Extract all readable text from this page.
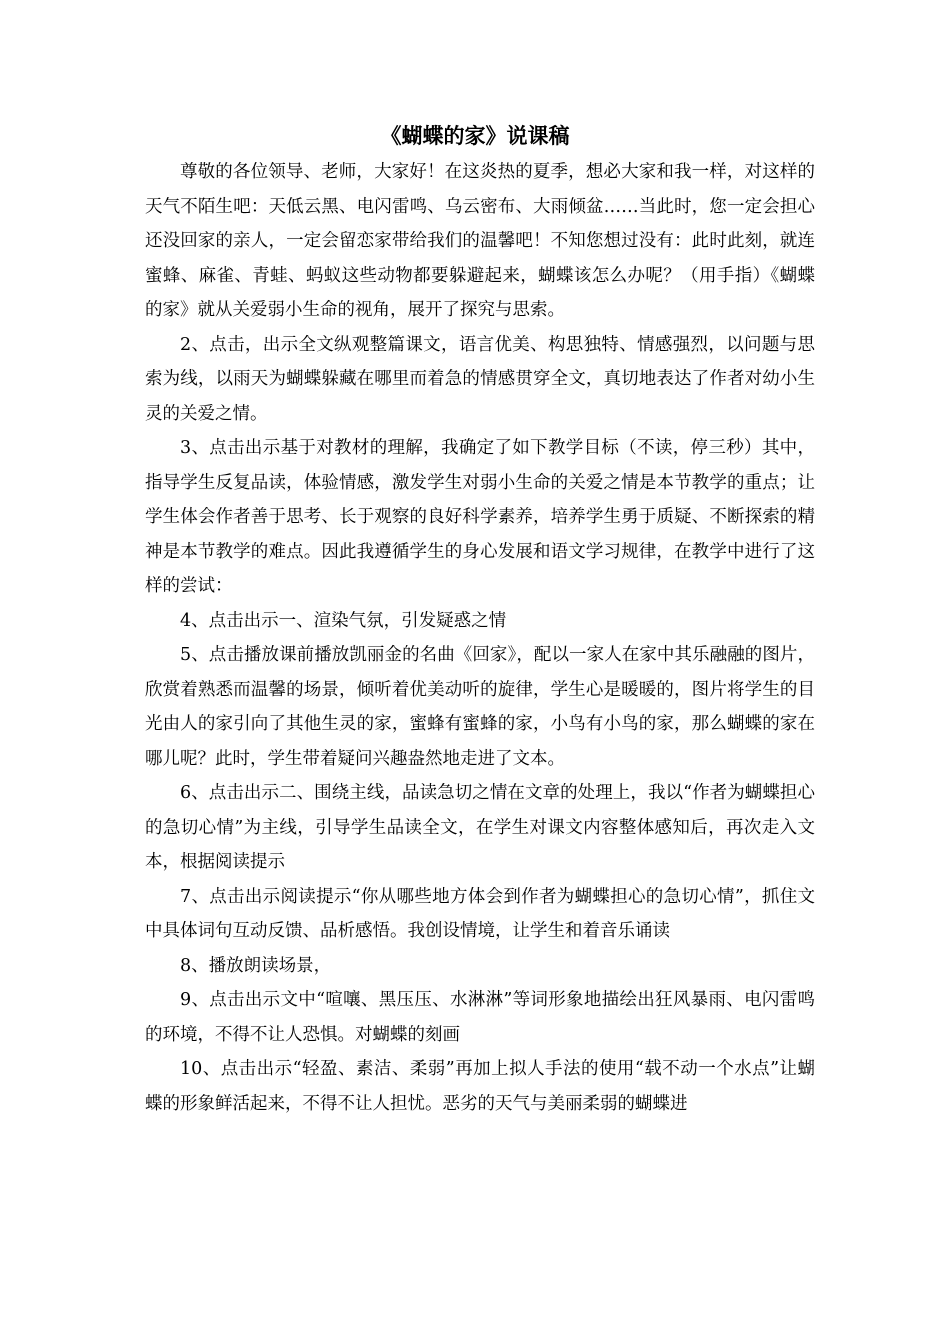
《蝴蝶的家》说课稿

尊敬的各位领导、老师，大家好！在这炎热的夏季，想必大家和我一样，对这样的天气不陌生吧：天低云黑、电闪雷鸣、乌云密布、大雨倾盆……当此时，您一定会担心还没回家的亲人，一定会留恋家带给我们的温馨吧！不知您想过没有：此时此刻，就连蜜蜂、麻雀、青蛙、蚂蚁这些动物都要躲避起来，蝴蝶该怎么办呢？（用手指）《蝴蝶的家》就从关爱弱小生命的视角，展开了探究与思索。

2、点击，出示全文纵观整篇课文，语言优美、构思独特、情感强烈，以问题与思索为线，以雨天为蝴蝶躲藏在哪里而着急的情感贯穿全文，真切地表达了作者对幼小生灵的关爱之情。

3、点击出示基于对教材的理解，我确定了如下教学目标（不读，停三秒）其中，指导学生反复品读，体验情感，激发学生对弱小生命的关爱之情是本节教学的重点；让学生体会作者善于思考、长于观察的良好科学素养，培养学生勇于质疑、不断探索的精神是本节教学的难点。因此我遵循学生的身心发展和语文学习规律，在教学中进行了这样的尝试：

4、点击出示一、渲染气氛，引发疑惑之情

5、点击播放课前播放凯丽金的名曲《回家》，配以一家人在家中其乐融融的图片，欣赏着熟悉而温馨的场景，倾听着优美动听的旋律，学生心是暖暖的，图片将学生的目光由人的家引向了其他生灵的家，蜜蜂有蜜蜂的家，小鸟有小鸟的家，那么蝴蝶的家在哪儿呢？此时，学生带着疑问兴趣盎然地走进了文本。

6、点击出示二、围绕主线，品读急切之情在文章的处理上，我以“作者为蝴蝶担心的急切心情”为主线，引导学生品读全文，在学生对课文内容整体感知后，再次走入文本，根据阅读提示

7、点击出示阅读提示“你从哪些地方体会到作者为蝴蝶担心的急切心情”，抓住文中具体词句互动反馈、品析感悟。我创设情境，让学生和着音乐诵读

8、播放朗读场景，

9、点击出示文中“喧嚷、黑压压、水淋淋”等词形象地描绘出狂风暴雨、电闪雷鸣的环境，不得不让人恐惧。对蝴蝶的刻画

10、点击出示“轻盈、素洁、柔弱”再加上拟人手法的使用“载不动一个水点”让蝴蝶的形象鲜活起来，不得不让人担忧。恶劣的天气与美丽柔弱的蝴蝶进
